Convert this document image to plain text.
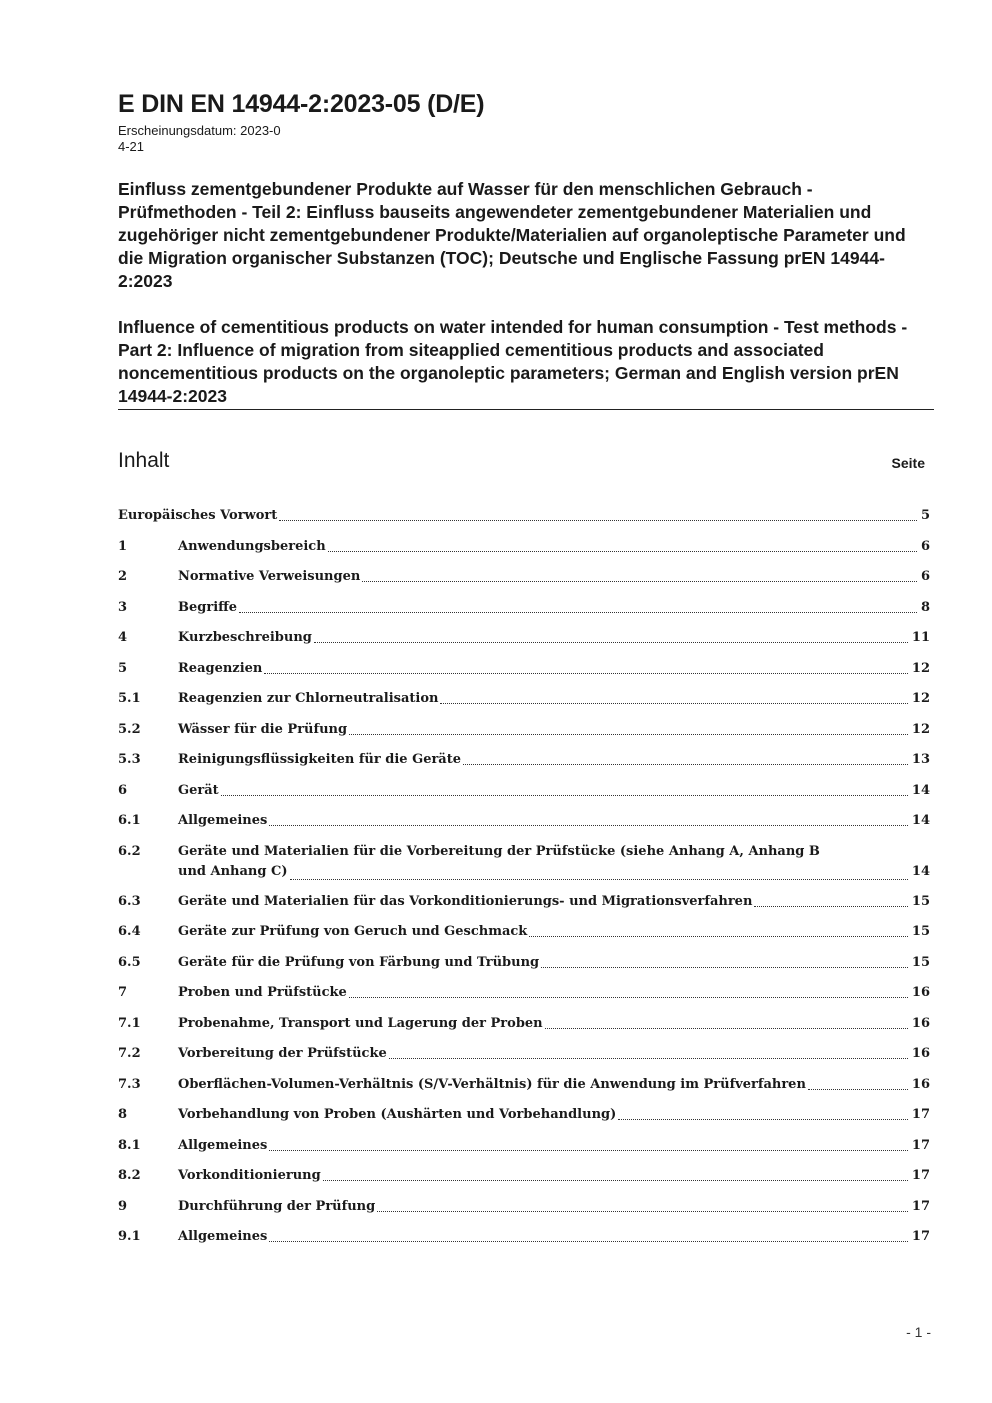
E DIN EN 14944-2:2023-05 (D/E)
Erscheinungsdatum: 2023-0
4-21
Einfluss zementgebundener Produkte auf Wasser für den menschlichen Gebrauch - Prüfmethoden - Teil 2: Einfluss bauseits angewendeter zementgebundener Materialien und zugehöriger nicht zementgebundener Produkte/Materialien auf organoleptische Parameter und die Migration organischer Substanzen (TOC); Deutsche und Englische Fassung prEN 14944-2:2023
Influence of cementitious products on water intended for human consumption - Test methods - Part 2: Influence of migration from siteapplied cementitious products and associated noncementitious products on the organoleptic parameters; German and English version prEN 14944-2:2023
Inhalt	Seite
Europäisches Vorwort	5
1	Anwendungsbereich	6
2	Normative Verweisungen	6
3	Begriffe	8
4	Kurzbeschreibung	11
5	Reagenzien	12
5.1	Reagenzien zur Chlorneutralisation	12
5.2	Wässer für die Prüfung	12
5.3	Reinigungsflüssigkeiten für die Geräte	13
6	Gerät	14
6.1	Allgemeines	14
6.2	Geräte und Materialien für die Vorbereitung der Prüfstücke (siehe Anhang A, Anhang B
und Anhang C)	14
6.3	Geräte und Materialien für das Vorkonditionierungs- und Migrationsverfahren	15
6.4	Geräte zur Prüfung von Geruch und Geschmack	15
6.5	Geräte für die Prüfung von Färbung und Trübung	15
7	Proben und Prüfstücke	16
7.1	Probenahme, Transport und Lagerung der Proben	16
7.2	Vorbereitung der Prüfstücke	16
7.3	Oberflächen-Volumen-Verhältnis (S/V-Verhältnis) für die Anwendung im Prüfverfahren	16
8	Vorbehandlung von Proben (Aushärten und Vorbehandlung)	17
8.1	Allgemeines	17
8.2	Vorkonditionierung	17
9	Durchführung der Prüfung	17
9.1	Allgemeines	17
- 1 -
